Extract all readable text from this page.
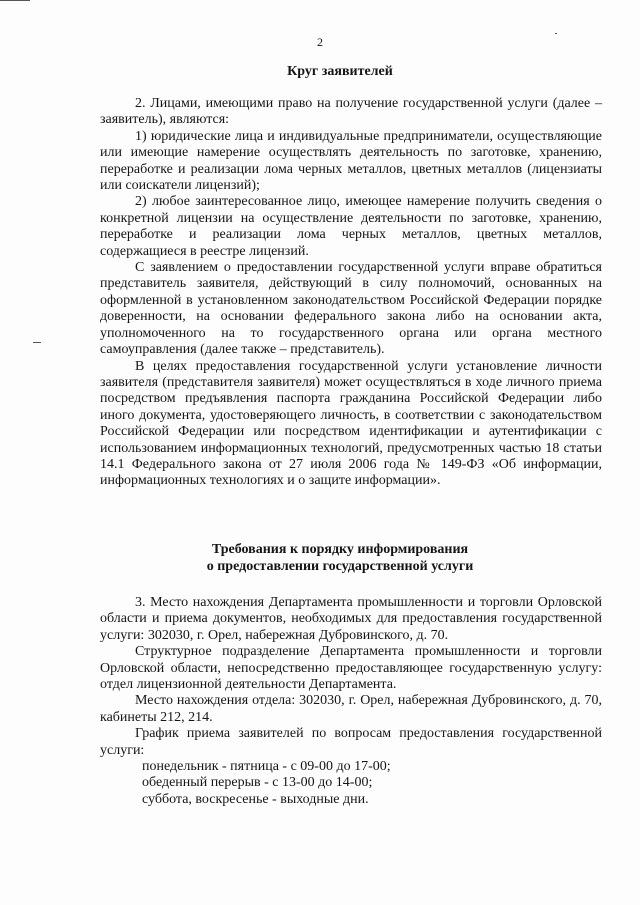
2
Круг заявителей

2. Лицами, имеющими право на получение государственной услуги (далее – заявитель), являются:

1) юридические лица и индивидуальные предприниматели, осуществляющие или имеющие намерение осуществлять деятельность по заготовке, хранению, переработке и реализации лома черных металлов, цветных металлов (лицензиаты или соискатели лицензий);

2) любое заинтересованное лицо, имеющее намерение получить сведения о конкретной лицензии на осуществление деятельности по заготовке, хранению, переработке и реализации лома черных металлов, цветных металлов, содержащиеся в реестре лицензий.

С заявлением о предоставлении государственной услуги вправе обратиться представитель заявителя, действующий в силу полномочий, основанных на оформленной в установленном законодательством Российской Федерации порядке доверенности, на основании федерального закона либо на основании акта, уполномоченного на то государственного органа или органа местного самоуправления (далее также – представитель).

В целях предоставления государственной услуги установление личности заявителя (представителя заявителя) может осуществляться в ходе личного приема посредством предъявления паспорта гражданина Российской Федерации либо иного документа, удостоверяющего личность, в соответствии с законодательством Российской Федерации или посредством идентификации и аутентификации с использованием информационных технологий, предусмотренных частью 18 статьи 14.1 Федерального закона от 27 июля 2006 года № 149-ФЗ «Об информации, информационных технологиях и о защите информации».

Требования к порядку информирования
о предоставлении государственной услуги

3. Место нахождения Департамента промышленности и торговли Орловской области и приема документов, необходимых для предоставления государственной услуги: 302030, г. Орел, набережная Дубровинского, д. 70.

Структурное подразделение Департамента промышленности и торговли Орловской области, непосредственно предоставляющее государственную услугу: отдел лицензионной деятельности Департамента.

Место нахождения отдела: 302030, г. Орел, набережная Дубровинского, д. 70, кабинеты 212, 214.

График приема заявителей по вопросам предоставления государственной услуги:

понедельник - пятница - с 09-00 до 17-00;

обеденный перерыв - с 13-00 до 14-00;

суббота, воскресенье - выходные дни.
